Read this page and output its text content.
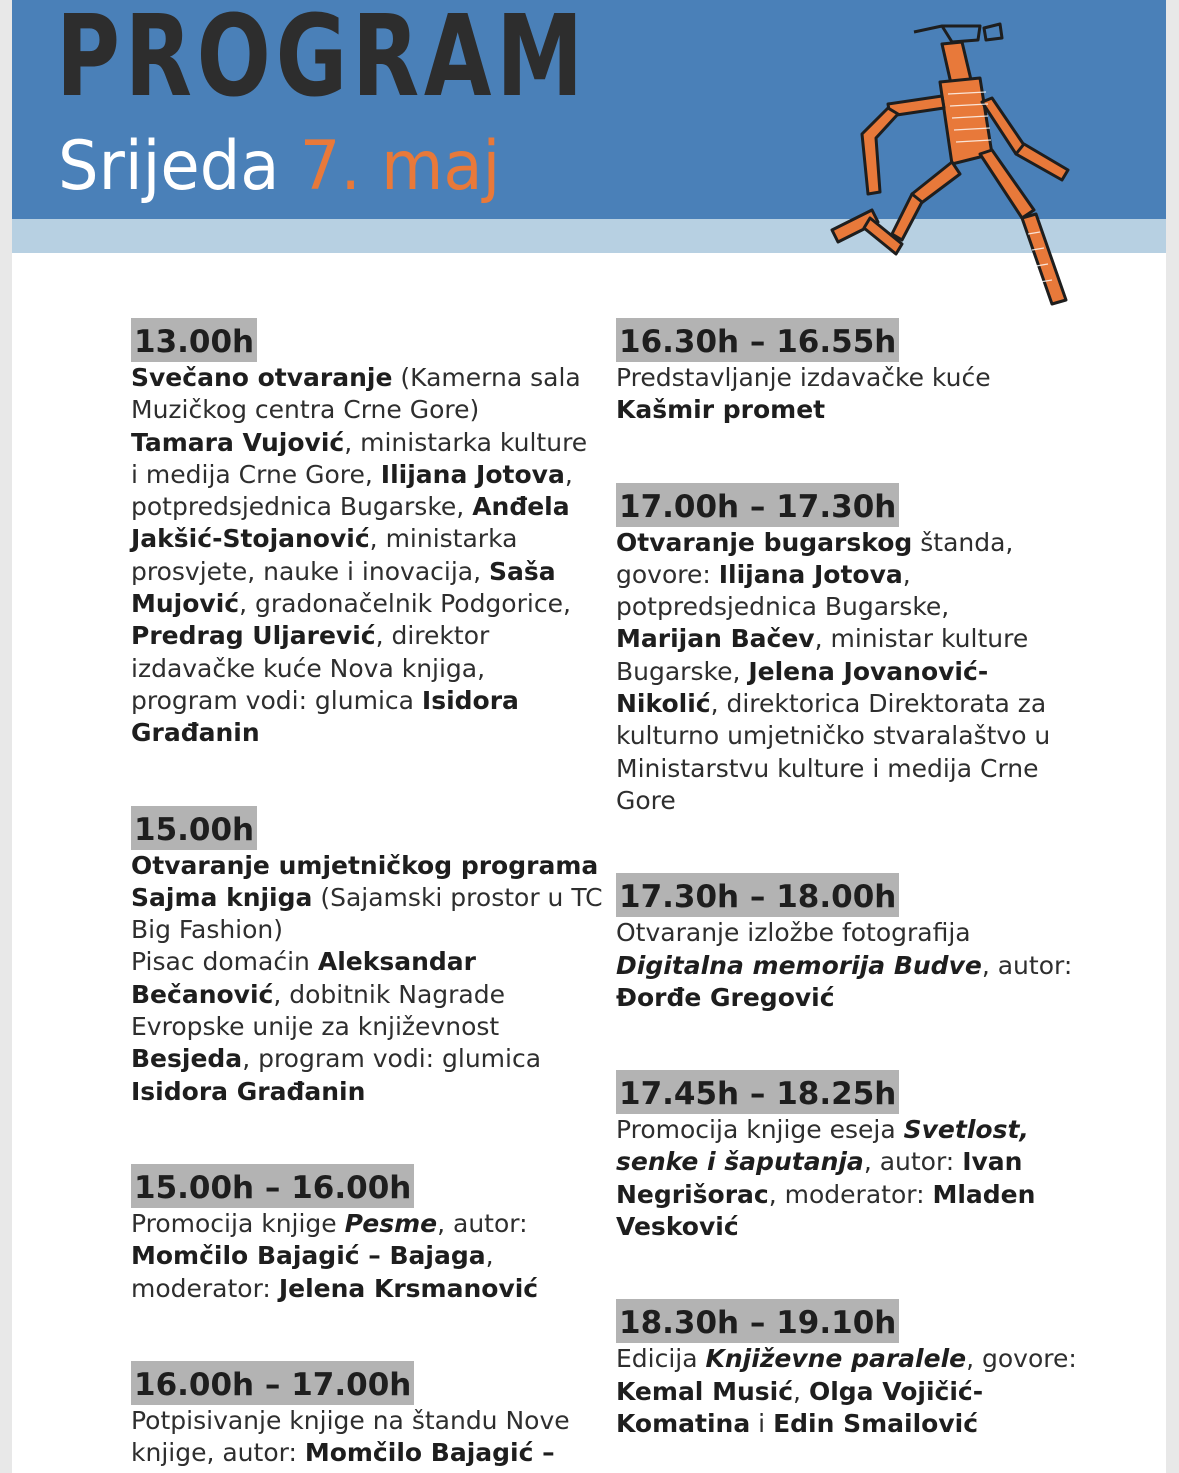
PROGRAM
Srijeda 7. maj
13.00h
Svečano otvaranje (Kamerna sala
Muzičkog centra Crne Gore)
Tamara Vujović, ministarka kulture
i medija Crne Gore, Ilijana Jotova,
potpredsjednica Bugarske, Anđela
Jakšić-Stojanović, ministarka
prosvjete, nauke i inovacija, Saša
Mujović, gradonačelnik Podgorice,
Predrag Uljarević, direktor
izdavačke kuće Nova knjiga,
program vodi: glumica Isidora
Građanin
15.00h
Otvaranje umjetničkog programa
Sajma knjiga (Sajamski prostor u TC
Big Fashion)
Pisac domaćin Aleksandar
Bečanović, dobitnik Nagrade
Evropske unije za književnost
Besjeda, program vodi: glumica
Isidora Građanin
15.00h – 16.00h
Promocija knjige Pesme, autor:
Momčilo Bajagić – Bajaga,
moderator: Jelena Krsmanović
16.00h – 17.00h
Potpisivanje knjige na štandu Nove
knjige, autor: Momčilo Bajagić –
16.30h – 16.55h
Predstavljanje izdavačke kuće
Kašmir promet
17.00h – 17.30h
Otvaranje bugarskog štanda,
govore: Ilijana Jotova,
potpredsjednica Bugarske,
Marijan Bačev, ministar kulture
Bugarske, Jelena Jovanović-
Nikolić, direktorica Direktorata za
kulturno umjetničko stvaralaštvo u
Ministarstvu kulture i medija Crne
Gore
17.30h – 18.00h
Otvaranje izložbe fotografija
Digitalna memorija Budve, autor:
Đorđe Gregović
17.45h – 18.25h
Promocija knjige eseja Svetlost,
senke i šaputanja, autor: Ivan
Negrišorac, moderator: Mladen
Vesković
18.30h – 19.10h
Edicija Književne paralele, govore:
Kemal Musić, Olga Vojičić-
Komatina i Edin Smailović
